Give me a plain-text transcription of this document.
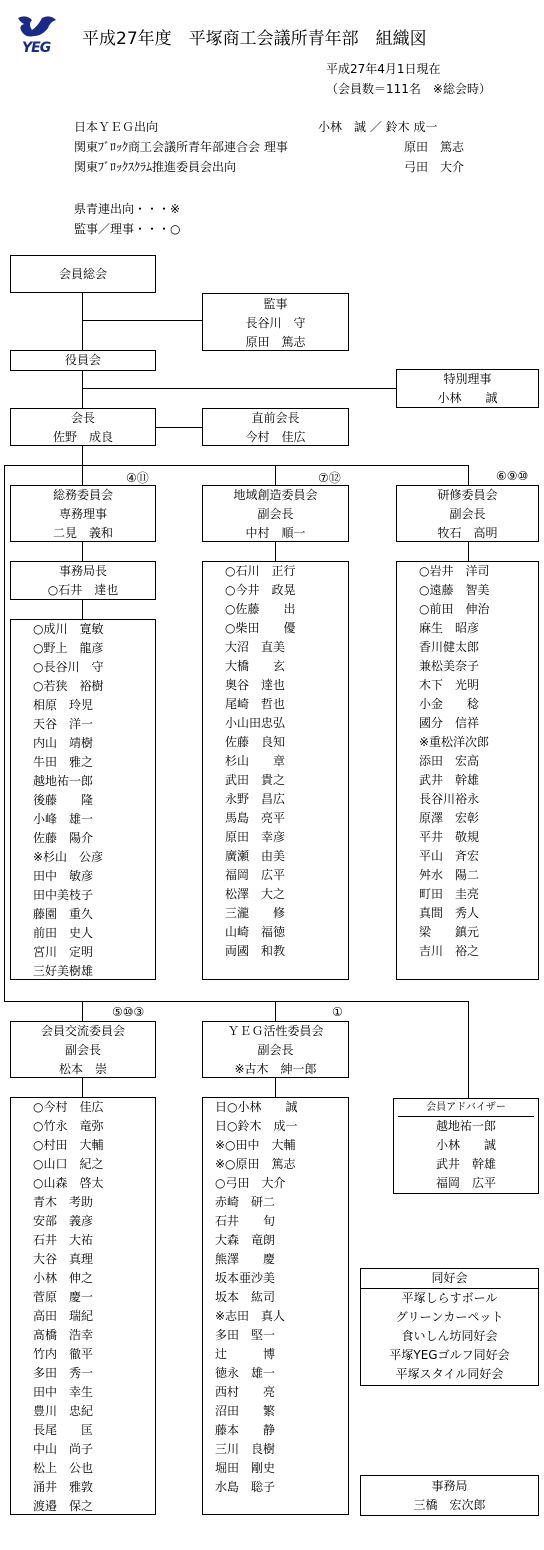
YEG 平成27年度　平塚商工会議所青年部　組織図
平成27年4月1日現在
（会員数＝111名　※総会時）
日本ＹＥＧ出向	小林　誠 ／ 鈴木 成一
関東ﾌﾞﾛｯｸ商工会議所青年部連合会 理事	原田　篤志
関東ﾌﾞﾛｯｸｽｸﾗﾑ推進委員会出向	弓田　大介
県青連出向・・・※
監事／理事・・・○
会員総会
監事
長谷川　守
原田　篤志
役員会
特別理事
小林　　誠
会長
佐野　成良
直前会長
今村　佳広
④⑪	⑦⑫	⑥⑨⑩
総務委員会
専務理事
二見　義和
地域創造委員会
副会長
中村　順一
研修委員会
副会長
牧石　高明
事務局長
○石井　達也
○成川　寛敏
○野上　龍彦
○長谷川　守
○若狭　裕樹
相原　玲児
天谷　洋一
内山　靖樹
牛田　雅之
越地祐一郎
後藤　　隆
小峰　雄一
佐藤　陽介
※杉山　公彦
田中　敏彦
田中美枝子
藤園　重久
前田　史人
宮川　定明
三好美樹雄
○石川　正行
○今井　政晃
○佐藤　　出
○柴田　　優
大沼　直美
大橋　　玄
奥谷　達也
尾崎　哲也
小山田忠弘
佐藤　良知
杉山　　章
武田　貴之
永野　昌広
馬島　亮平
原田　幸彦
廣瀬　由美
福岡　広平
松澤　大之
三瀧　　修
山崎　福徳
両國　和教
○岩井　洋司
○遠藤　智美
○前田　伸治
麻生　昭彦
香川健太郎
兼松美奈子
木下　光明
小金　　稔
國分　信祥
※重松洋次郎
添田　宏高
武井　幹雄
長谷川裕永
原澤　宏彰
平井　敬規
平山　斉宏
舛水　陽二
町田　圭亮
真間　秀人
梁　　鎮元
吉川　裕之
⑤⑩③	①
会員交流委員会
副会長
松本　崇
ＹＥＧ活性委員会
副会長
※古木　紳一郎
○今村　佳広
○竹永　竜弥
○村田　大輔
○山口　紀之
○山森　啓太
青木　考助
安部　義彦
石井　大祐
大谷　真理
小林　伸之
菅原　慶一
高田　瑞紀
髙橋　浩幸
竹内　徹平
多田　秀一
田中　幸生
豊川　忠紀
長尾　　匡
中山　尚子
松上　公也
涌井　雅敦
渡邉　保之
日○小林　　誠
日○鈴木　成一
※○田中　大輔
※○原田　篤志
○弓田　大介
赤崎　研二
石井　　旬
大森　竜朗
熊澤　　慶
坂本亜沙美
坂本　紘司
※志田　真人
多田　堅一
辻　　　博
徳永　雄一
西村　　亮
沼田　　繁
藤本　　静
三川　良樹
堀田　剛史
水島　聡子
会員アドバイザー
越地祐一郎
小林　　誠
武井　幹雄
福岡　広平
同好会
平塚しらすボール
グリーンカーペット
食いしん坊同好会
平塚YEGゴルフ同好会
平塚スタイル同好会
事務局
三橋　宏次郎
